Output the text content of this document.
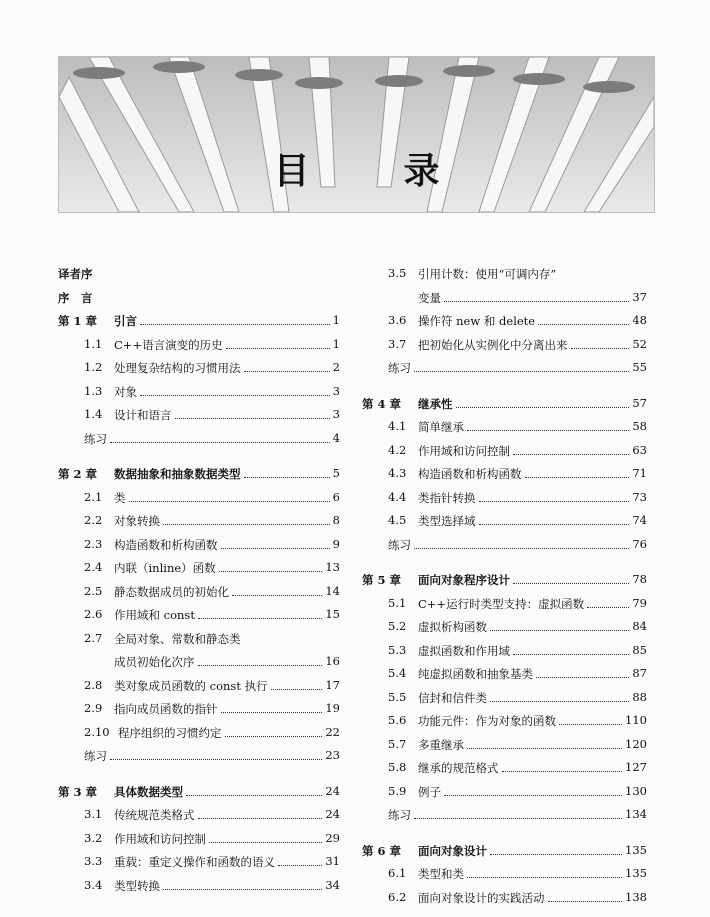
目	录
译者序
序　言
第 1 章 引言	1
1.1 C++语言演变的历史	1
1.2 处理复杂结构的习惯用法	2
1.3 对象	3
1.4 设计和语言	3
练习	4
第 2 章 数据抽象和抽象数据类型	5
2.1 类	6
2.2 对象转换	8
2.3 构造函数和析构函数	9
2.4 内联（inline）函数	13
2.5 静态数据成员的初始化	14
2.6 作用域和 const	15
2.7 全局对象、常数和静态类
成员初始化次序	16
2.8 类对象成员函数的 const 执行	17
2.9 指向成员函数的指针	19
2.10 程序组织的习惯约定	22
练习	23
第 3 章 具体数据类型	24
3.1 传统规范类格式	24
3.2 作用域和访问控制	29
3.3 重载：重定义操作和函数的语义	31
3.4 类型转换	34
3.5 引用计数：使用“可调内存”
变量	37
3.6 操作符 new 和 delete	48
3.7 把初始化从实例化中分离出来	52
练习	55
第 4 章 继承性	57
4.1 简单继承	58
4.2 作用域和访问控制	63
4.3 构造函数和析构函数	71
4.4 类指针转换	73
4.5 类型选择域	74
练习	76
第 5 章 面向对象程序设计	78
5.1 C++运行时类型支持：虚拟函数	79
5.2 虚拟析构函数	84
5.3 虚拟函数和作用域	85
5.4 纯虚拟函数和抽象基类	87
5.5 信封和信件类	88
5.6 功能元件：作为对象的函数	110
5.7 多重继承	120
5.8 继承的规范格式	127
5.9 例子	130
练习	134
第 6 章 面向对象设计	135
6.1 类型和类	135
6.2 面向对象设计的实践活动	138
